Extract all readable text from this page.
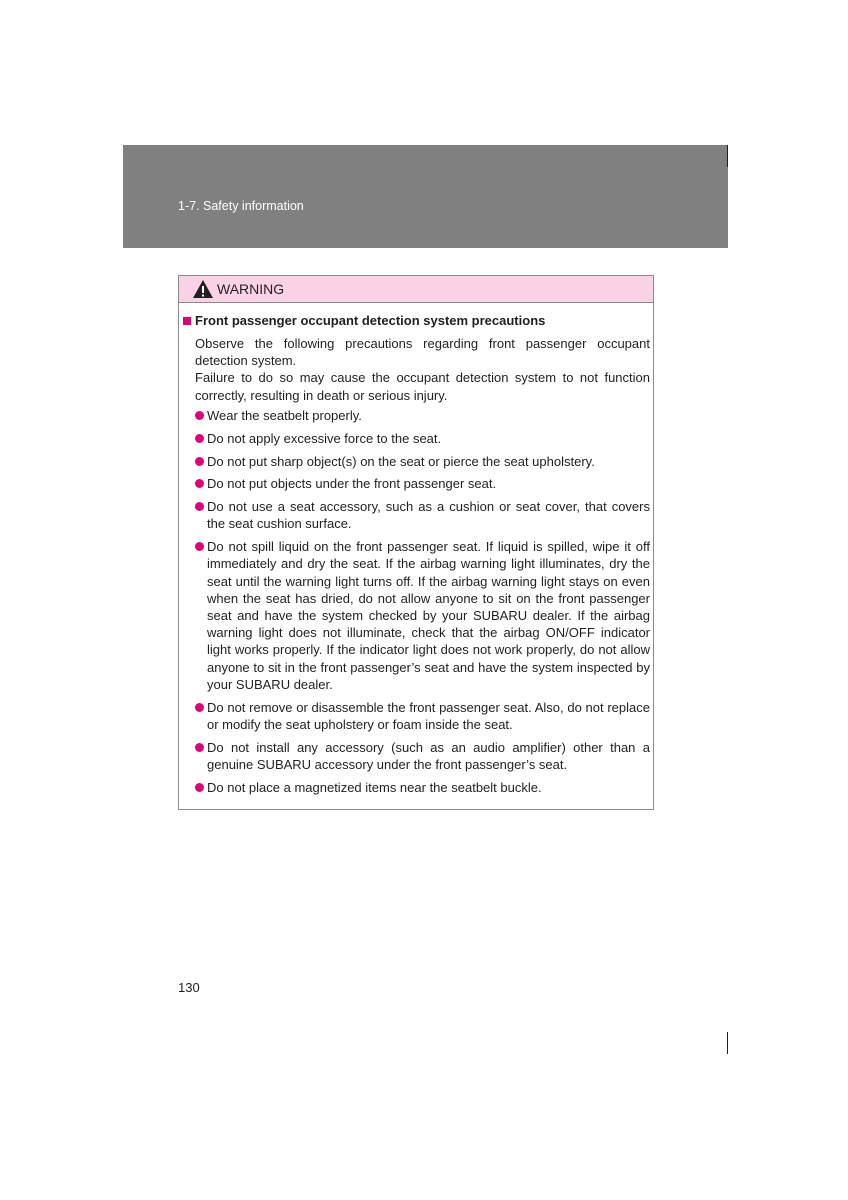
1-7. Safety information
WARNING
Front passenger occupant detection system precautions

Observe the following precautions regarding front passenger occupant detection system.

Failure to do so may cause the occupant detection system to not function correctly, resulting in death or serious injury.

Wear the seatbelt properly.
Do not apply excessive force to the seat.
Do not put sharp object(s) on the seat or pierce the seat upholstery.
Do not put objects under the front passenger seat.
Do not use a seat accessory, such as a cushion or seat cover, that covers the seat cushion surface.
Do not spill liquid on the front passenger seat. If liquid is spilled, wipe it off immediately and dry the seat. If the airbag warning light illuminates, dry the seat until the warning light turns off. If the airbag warning light stays on even when the seat has dried, do not allow anyone to sit on the front passenger seat and have the system checked by your SUBARU dealer. If the airbag warning light does not illuminate, check that the airbag ON/OFF indicator light works properly. If the indicator light does not work properly, do not allow anyone to sit in the front passenger’s seat and have the system inspected by your SUBARU dealer.
Do not remove or disassemble the front passenger seat. Also, do not replace or modify the seat upholstery or foam inside the seat.
Do not install any accessory (such as an audio amplifier) other than a genuine SUBARU accessory under the front passenger’s seat.
Do not place a magnetized items near the seatbelt buckle.
130
